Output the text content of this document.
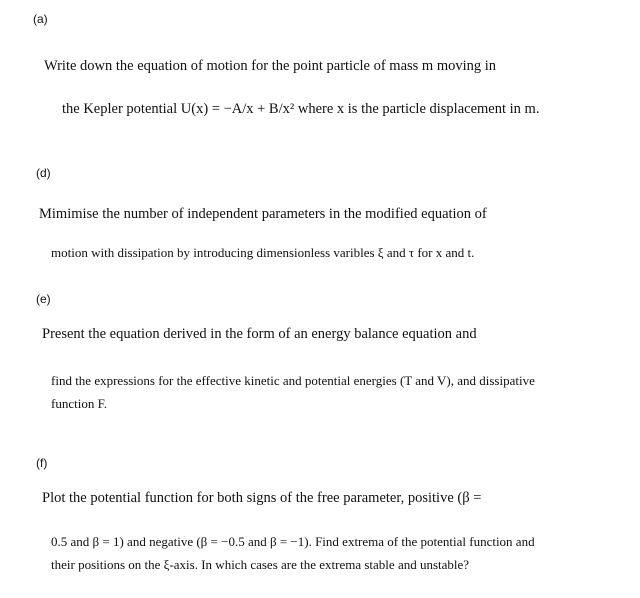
(a)
Write down the equation of motion for the point particle of mass m moving in
the Kepler potential U(x) = −A/x + B/x² where x is the particle displacement in m.
(d)
Mimimise the number of independent parameters in the modified equation of
motion with dissipation by introducing dimensionless varibles ξ and τ for x and t.
(e)
Present the equation derived in the form of an energy balance equation and
find the expressions for the effective kinetic and potential energies (T and V), and dissipative
function F.
(f)
Plot the potential function for both signs of the free parameter, positive (β =
0.5 and β = 1) and negative (β = −0.5 and β = −1). Find extrema of the potential function and
their positions on the ξ-axis. In which cases are the extrema stable and unstable?
